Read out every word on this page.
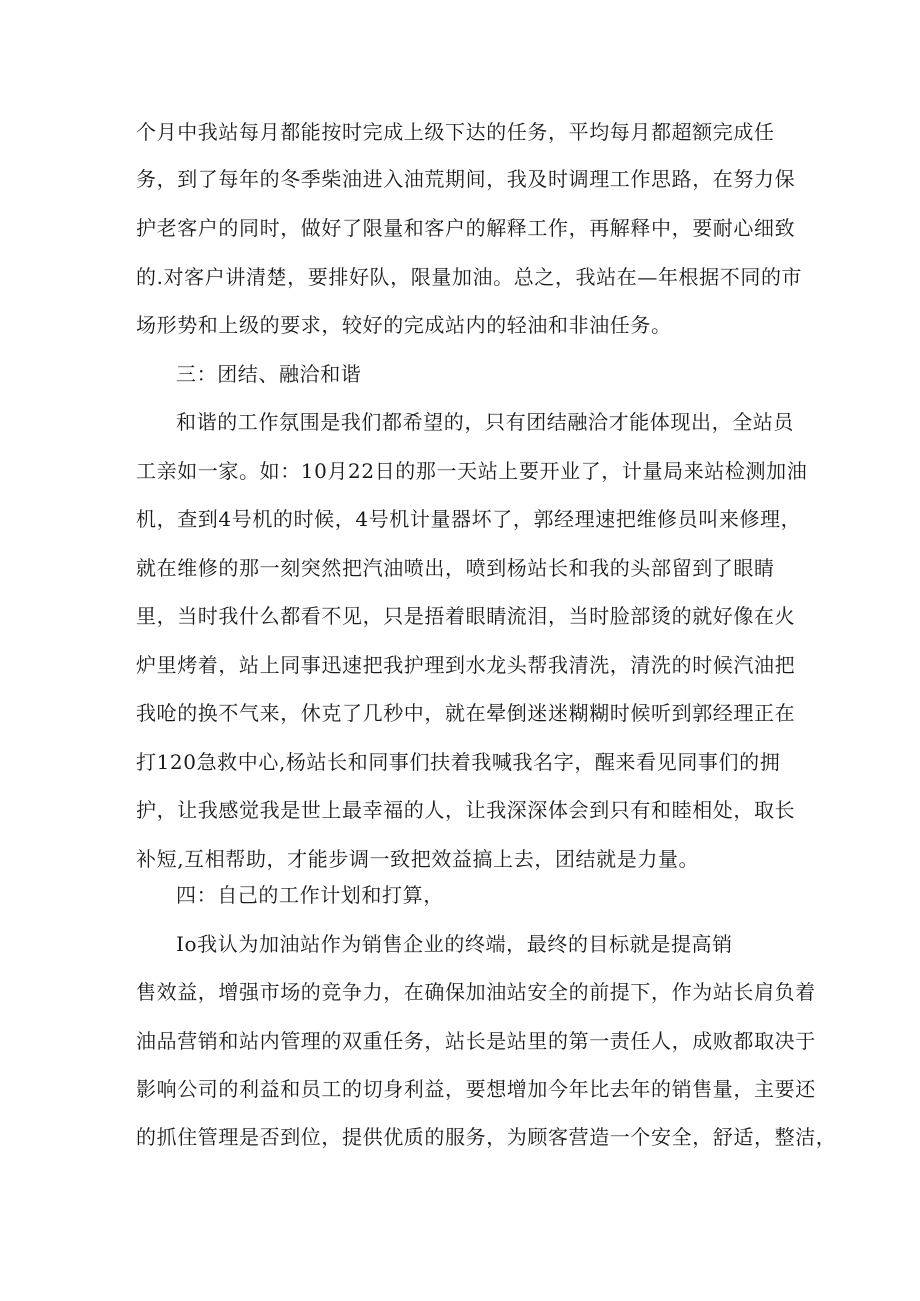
个月中我站每月都能按时完成上级下达的任务，平均每月都超额完成任
务，到了每年的冬季柴油进入油荒期间，我及时调理工作思路，在努力保
护老客户的同时，做好了限量和客户的解释工作，再解释中，要耐心细致
的.对客户讲清楚，要排好队，限量加油。总之，我站在—年根据不同的市
场形势和上级的要求，较好的完成站内的轻油和非油任务。
三：团结、融洽和谐
和谐的工作氛围是我们都希望的，只有团结融洽才能体现出，全站员
工亲如一家。如：10月22日的那一天站上要开业了，计量局来站检测加油
机，查到4号机的时候，4号机计量器坏了，郭经理速把维修员叫来修理，
就在维修的那一刻突然把汽油喷出，喷到杨站长和我的头部留到了眼睛
里，当时我什么都看不见，只是捂着眼睛流泪，当时脸部烫的就好像在火
炉里烤着，站上同事迅速把我护理到水龙头帮我清洗，清洗的时候汽油把
我呛的换不气来，休克了几秒中，就在晕倒迷迷糊糊时候听到郭经理正在
打120急救中心,杨站长和同事们扶着我喊我名字，醒来看见同事们的拥
护，让我感觉我是世上最幸福的人，让我深深体会到只有和睦相处，取长
补短,互相帮助，才能步调一致把效益搞上去，团结就是力量。
四：自己的工作计划和打算，
Io我认为加油站作为销售企业的终端，最终的目标就是提高销
售效益，增强市场的竞争力，在确保加油站安全的前提下，作为站长肩负着
油品营销和站内管理的双重任务，站长是站里的第一责任人，成败都取决于
影响公司的利益和员工的切身利益，要想增加今年比去年的销售量，主要还
的抓住管理是否到位，提供优质的服务，为顾客营造一个安全，舒适，整洁，
